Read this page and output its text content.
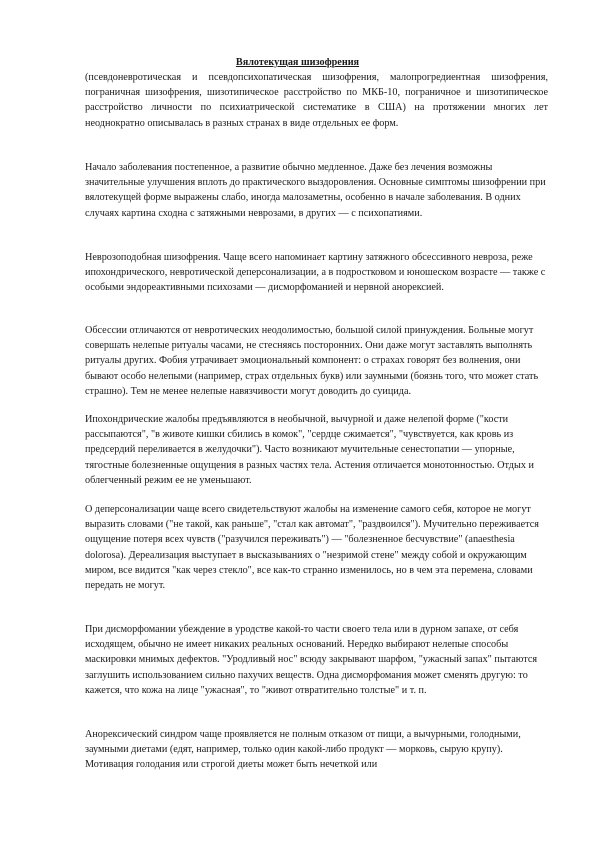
Вялотекущая шизофрения

(псевдоневротическая и псевдопсихопатическая шизофрения, малопрогредиентная шизофрения, пограничная шизофрения, шизотипическое расстройство по МКБ-10, пограничное и шизотипическое расстройство личности по психиатрической систематике в США) на протяжении многих лет неоднократно описывалась в разных странах в виде отдельных ее форм.

Начало заболевания постепенное, а развитие обычно медленное. Даже без лечения возможны значительные улучшения вплоть до практического выздоровления. Основные симптомы шизофрении при вялотекущей форме выражены слабо, иногда малозаметны, особенно в начале заболевания. В одних случаях картина сходна с затяжными неврозами, в других — с психопатиями.

Неврозоподобная шизофрения. Чаще всего напоминает картину затяжного обсессивного невроза, реже ипохондрического, невротической деперсонализации, а в подростковом и юношеском возрасте — также с особыми эндореактивными психозами — дисморфоманией и нервной анорексией.

Обсессии отличаются от невротических неодолимостью, большой силой принуждения. Больные могут совершать нелепые ритуалы часами, не стесняясь посторонних. Они даже могут заставлять выполнять ритуалы других. Фобия утрачивает эмоциональный компонент: о страхах говорят без волнения, они бывают особо нелепыми (например, страх отдельных букв) или заумными (боязнь того, что может стать страшно). Тем не менее нелепые навязчивости могут доводить до суицида.

Ипохондрические жалобы предъявляются в необычной, вычурной и даже нелепой форме ("кости рассыпаются", "в животе кишки сбились в комок", "сердце сжимается", "чувствуется, как кровь из предсердий переливается в желудочки"). Часто возникают мучительные сенестопатии — упорные, тягостные болезненные ощущения в разных частях тела. Астения отличается монотонностью. Отдых и облегченный режим ее не уменьшают.

О деперсонализации чаще всего свидетельствуют жалобы на изменение самого себя, которое не могут выразить словами ("не такой, как раньше", "стал как автомат", "раздвоился"). Мучительно переживается ощущение потеря всех чувств ("разучился переживать") — "болезненное бесчувствие" (anaesthesia dolorosa). Дереализация выступает в высказываниях о "незримой стене" между собой и окружающим миром, все видится "как через стекло", все как-то странно изменилось, но в чем эта перемена, словами передать не могут.

При дисморфомании убеждение в уродстве какой-то части своего тела или в дурном запахе, от себя исходящем, обычно не имеет никаких реальных оснований. Нередко выбирают нелепые способы маскировки мнимых дефектов. "Уродливый нос" всюду закрывают шарфом, "ужасный запах" пытаются заглушить использованием сильно пахучих веществ. Одна дисморфомания может сменять другую: то кажется, что кожа на лице "ужасная", то "живот отвратительно толстые" и т. п.

Анорексический синдром чаще проявляется не полным отказом от пищи, а вычурными, голодными, заумными диетами (едят, например, только один какой-либо продукт — морковь, сырую крупу). Мотивация голодания или строгой диеты может быть нечеткой или
